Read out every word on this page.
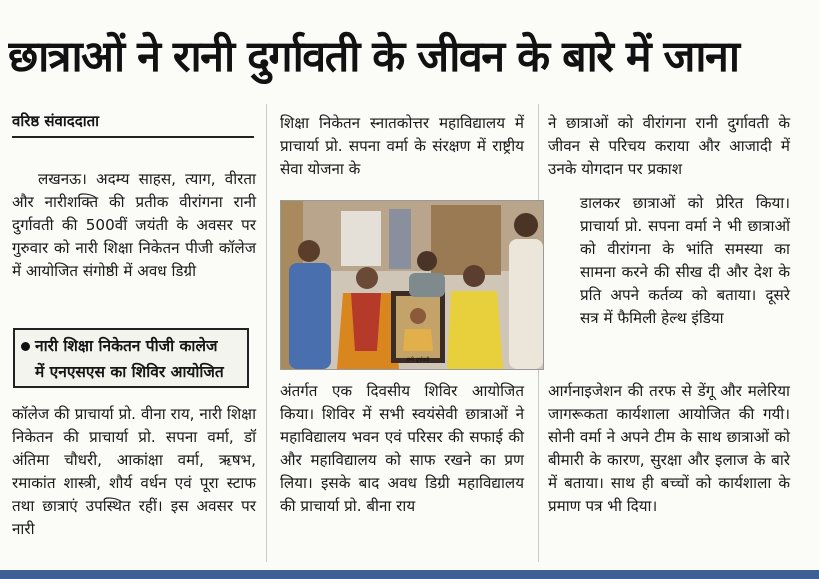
छात्राओं ने रानी दुर्गावती के जीवन के बारे में जाना
वरिष्ठ संवाददाता

लखनऊ। अदम्य साहस, त्याग, वीरता और नारीशक्ति की प्रतीक वीरांगना रानी दुर्गावती की 500वीं जयंती के अवसर पर गुरुवार को नारी शिक्षा निकेतन पीजी कॉलेज में आयोजित संगोष्ठी में अवध डिग्री

नारी शिक्षा निकेतन पीजी कालेज
में एनएसएस का शिविर आयोजित

कॉलेज की प्राचार्या प्रो. वीना राय, नारी शिक्षा निकेतन की प्राचार्या प्रो. सपना वर्मा, डॉ अंतिमा चौधरी, आकांक्षा वर्मा, ऋषभ, रमाकांत शास्त्री, शौर्य वर्धन एवं पूरा स्टाफ तथा छात्राएं उपस्थित रहीं। इस अवसर पर नारी

शिक्षा निकेतन स्नातकोत्तर महाविद्यालय में प्राचार्या प्रो. सपना वर्मा के संरक्षण में राष्ट्रीय सेवा योजना के

रानी दुर्गावती

अंतर्गत एक दिवसीय शिविर आयोजित किया। शिविर में सभी स्वयंसेवी छात्राओं ने महाविद्यालय भवन एवं परिसर की सफाई की और महाविद्यालय को साफ रखने का प्रण लिया। इसके बाद अवध डिग्री महाविद्यालय की प्राचार्या प्रो. बीना राय

ने छात्राओं को वीरांगना रानी दुर्गावती के जीवन से परिचय कराया और आजादी में उनके योगदान पर प्रकाश

डालकर छात्राओं को प्रेरित किया। प्राचार्या प्रो. सपना वर्मा ने भी छात्राओं को वीरांगना के भांति समस्या का सामना करने की सीख दी और देश के प्रति अपने कर्तव्य को बताया। दूसरे सत्र में फैमिली हेल्थ इंडिया

आर्गनाइजेशन की तरफ से डेंगू और मलेरिया जागरूकता कार्यशाला आयोजित की गयी। सोनी वर्मा ने अपने टीम के साथ छात्राओं को बीमारी के कारण, सुरक्षा और इलाज के बारे में बताया। साथ ही बच्चों को कार्यशाला के प्रमाण पत्र भी दिया।
